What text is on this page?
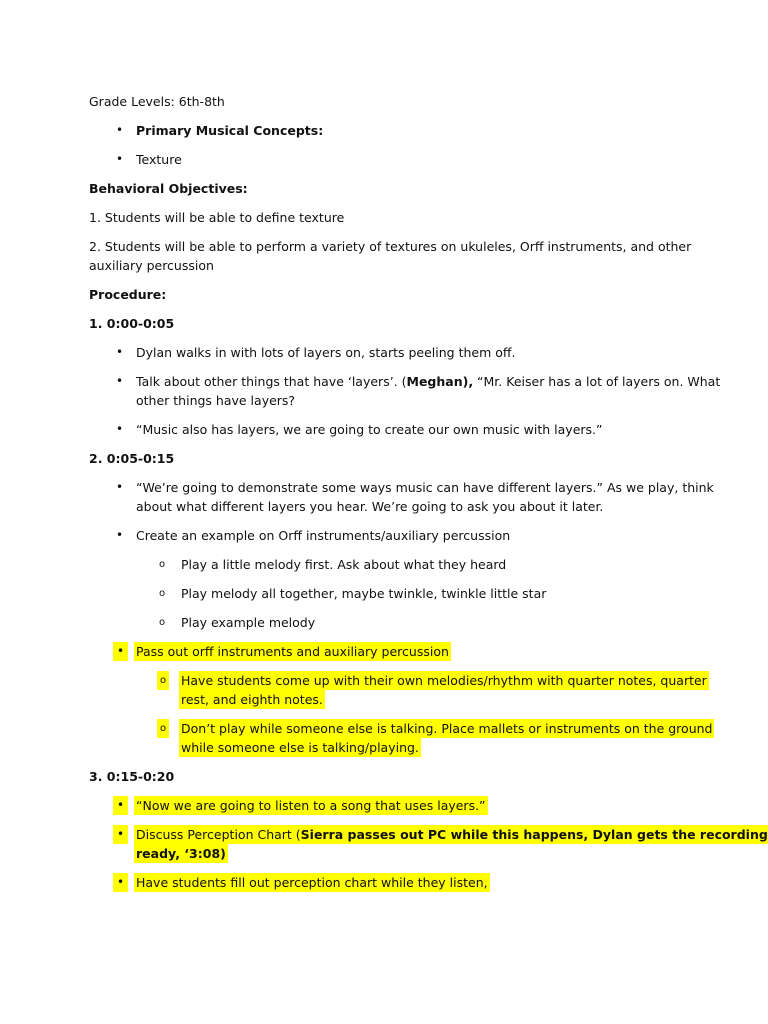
Grade Levels: 6th-8th
• Primary Musical Concepts:
• Texture
Behavioral Objectives:
1. Students will be able to define texture
2. Students will be able to perform a variety of textures on ukuleles, Orff instruments, and other
auxiliary percussion
Procedure:
1. 0:00-0:05
• Dylan walks in with lots of layers on, starts peeling them off.
• Talk about other things that have ‘layers’. (Meghan), “Mr. Keiser has a lot of layers on. What
other things have layers?
• “Music also has layers, we are going to create our own music with layers.”
2. 0:05-0:15
• “We’re going to demonstrate some ways music can have different layers.” As we play, think
about what different layers you hear. We’re going to ask you about it later.
• Create an example on Orff instruments/auxiliary percussion
o Play a little melody first. Ask about what they heard
o Play melody all together, maybe twinkle, twinkle little star
o Play example melody
• Pass out orff instruments and auxiliary percussion
o Have students come up with their own melodies/rhythm with quarter notes, quarter
rest, and eighth notes.
o Don’t play while someone else is talking. Place mallets or instruments on the ground
while someone else is talking/playing.
3. 0:15-0:20
• “Now we are going to listen to a song that uses layers.”
• Discuss Perception Chart (Sierra passes out PC while this happens, Dylan gets the recording
ready, ‘3:08)
• Have students fill out perception chart while they listen,
